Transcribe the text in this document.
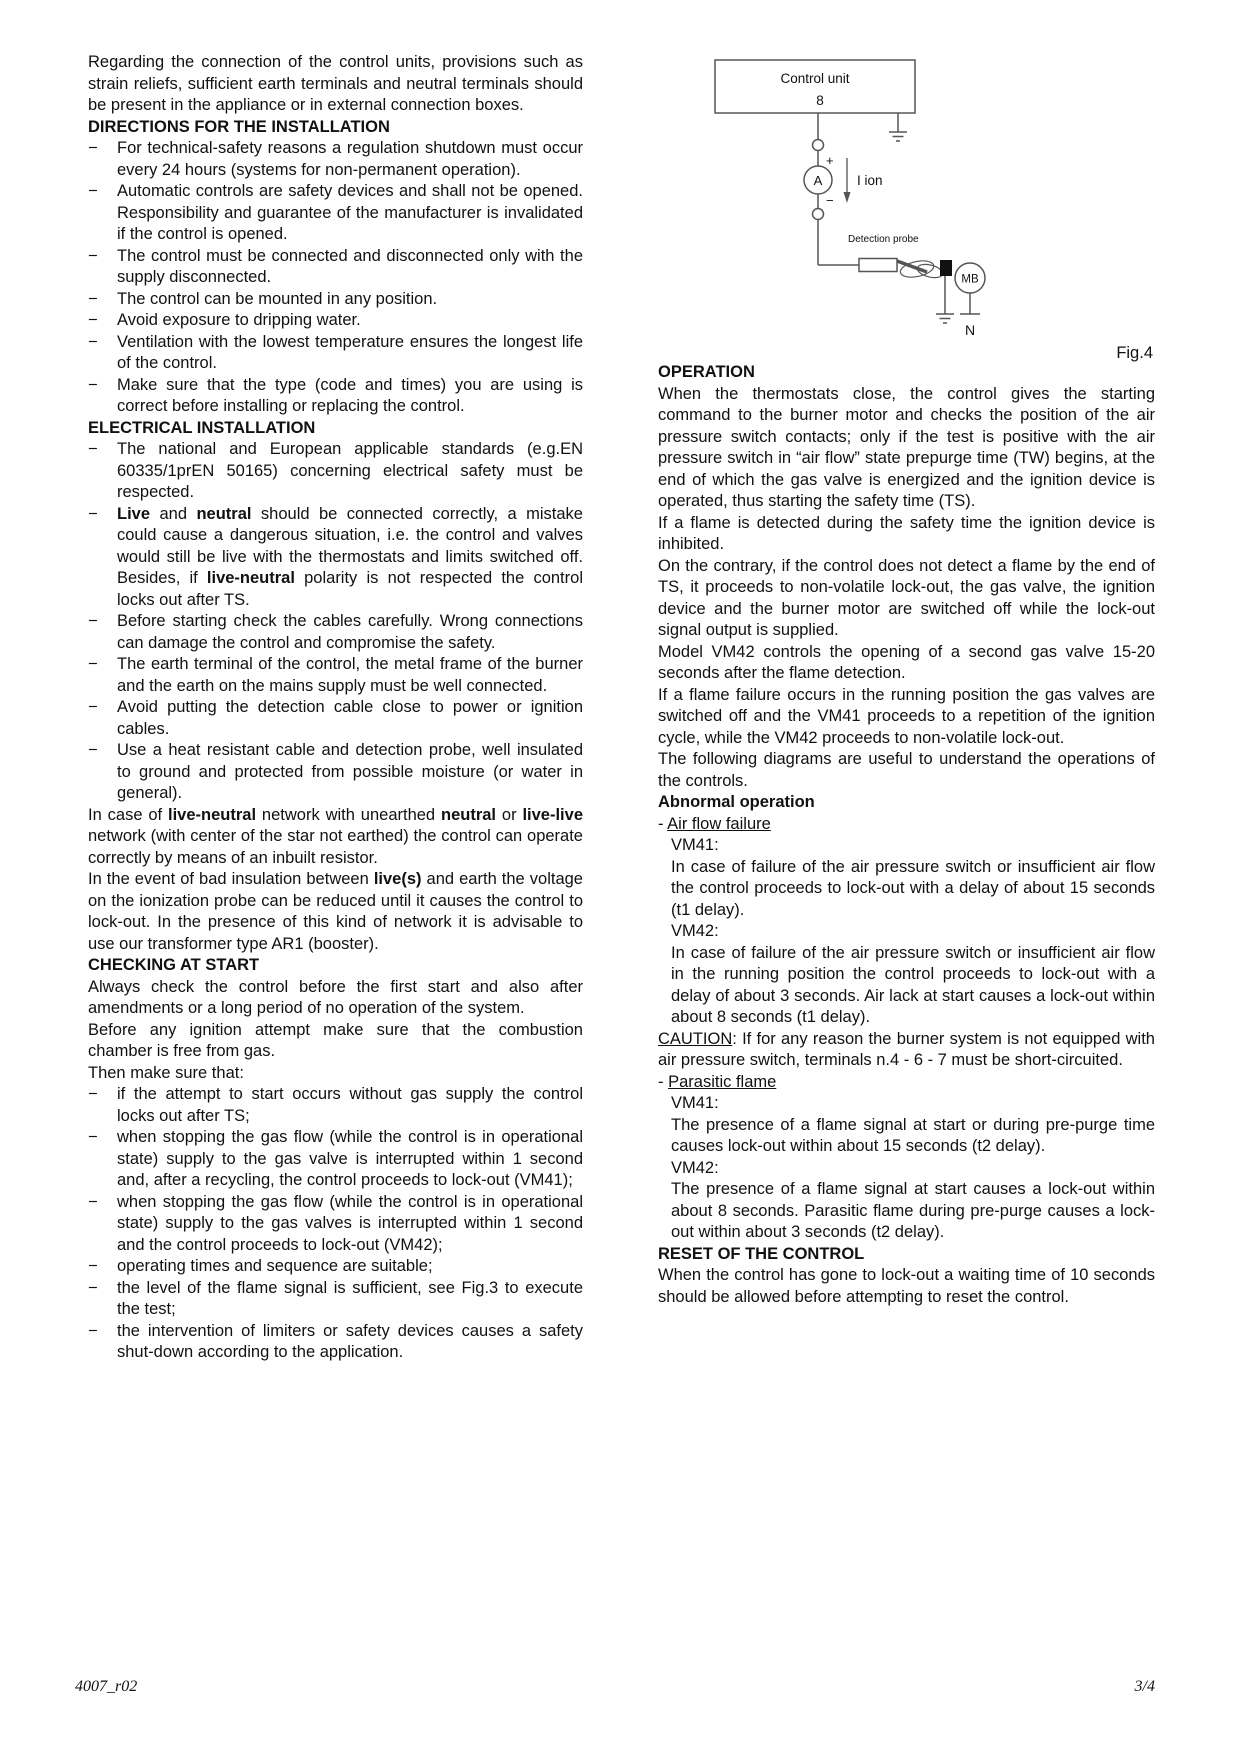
Regarding the connection of the control units, provisions such as strain reliefs, sufficient earth terminals and neutral terminals should be present in the appliance or in external connection boxes.

DIRECTIONS FOR THE INSTALLATION
−	For technical-safety reasons a regulation shutdown must occur every 24 hours (systems for non-permanent operation).
−	Automatic controls are safety devices and shall not be opened. Responsibility and guarantee of the manufacturer is invalidated if the control is opened.
−	The control must be connected and disconnected only with the supply disconnected.
−	The control can be mounted in any position.
−	Avoid exposure to dripping water.
−	Ventilation with the lowest temperature ensures the longest life of the control.
−	Make sure that the type (code and times) you are using is correct before installing or replacing the control.
ELECTRICAL INSTALLATION
−	The national and European applicable standards (e.g.EN 60335/1prEN 50165) concerning electrical safety must be respected.
−	Live and neutral should be connected correctly, a mistake could cause a dangerous situation, i.e. the control and valves would still be live with the thermostats and limits switched off. Besides, if live-neutral polarity is not respected the control locks out after TS.
−	Before starting check the cables carefully. Wrong connections can damage the control and compromise the safety.
−	The earth terminal of the control, the metal frame of the burner and the earth on the mains supply must be well connected.
−	Avoid putting the detection cable close to power or ignition cables.
−	Use a heat resistant cable and detection probe, well insulated to ground and protected from possible moisture (or water in general).

In case of live-neutral network with unearthed neutral or live-live network (with center of the star not earthed) the control can operate correctly by means of an inbuilt resistor.

In the event of bad insulation between live(s) and earth the voltage on the ionization probe can be reduced until it causes the control to lock-out. In the presence of this kind of network it is advisable to use our transformer type AR1 (booster).

CHECKING AT START

Always check the control before the first start and also after amendments or a long period of no operation of the system.

Before any ignition attempt make sure that the combustion chamber is free from gas.

Then make sure that:

−	if the attempt to start occurs without gas supply the control locks out after TS;
−	when stopping the gas flow (while the control is in operational state) supply to the gas valve is interrupted within 1 second and, after a recycling, the control proceeds to lock-out (VM41);
−	when stopping the gas flow (while the control is in operational state) supply to the gas valves is interrupted within 1 second and the control proceeds to lock-out (VM42);
−	operating times and sequence are suitable;
−	the level of the flame signal is sufficient, see Fig.3 to execute the test;
−	the intervention of limiters or safety devices causes a safety shut-down according to the application.
Control unit
8
+
A
−
I ion
Detection probe
MB
N
Fig.4
OPERATION

When the thermostats close, the control gives the starting command to the burner motor and checks the position of the air pressure switch contacts; only if the test is positive with the air pressure switch in “air flow” state prepurge time (TW) begins, at the end of which the gas valve is energized and the ignition device is operated, thus starting the safety time (TS).

If a flame is detected during the safety time the ignition device is inhibited.

On the contrary, if the control does not detect a flame by the end of TS, it proceeds to non-volatile lock-out, the gas valve, the ignition device and the burner motor are switched off while the lock-out signal output is supplied.

Model VM42 controls the opening of a second gas valve 15-20 seconds after the flame detection.

If a flame failure occurs in the running position the gas valves are switched off and the VM41 proceeds to a repetition of the ignition cycle, while the VM42 proceeds to non-volatile lock-out.

The following diagrams are useful to understand the operations of the controls.

Abnormal operation

- Air flow failure

VM41:

In case of failure of the air pressure switch or insufficient air flow the control proceeds to lock-out with a delay of about 15 seconds (t1 delay).

VM42:

In case of failure of the air pressure switch or insufficient air flow in the running position the control proceeds to lock-out with a delay of about 3 seconds. Air lack at start causes a lock-out within about 8 seconds (t1 delay).

CAUTION: If for any reason the burner system is not equipped with air pressure switch, terminals n.4 - 6 - 7 must be short-circuited.

- Parasitic flame

VM41:

The presence of a flame signal at start or during pre-purge time causes lock-out within about 15 seconds (t2 delay).

VM42:

The presence of a flame signal at start causes a lock-out within about 8 seconds. Parasitic flame during pre-purge causes a lock-out within about 3 seconds (t2 delay).

RESET OF THE CONTROL

When the control has gone to lock-out a waiting time of 10 seconds should be allowed before attempting to reset the control.

4007_r02	3/4
